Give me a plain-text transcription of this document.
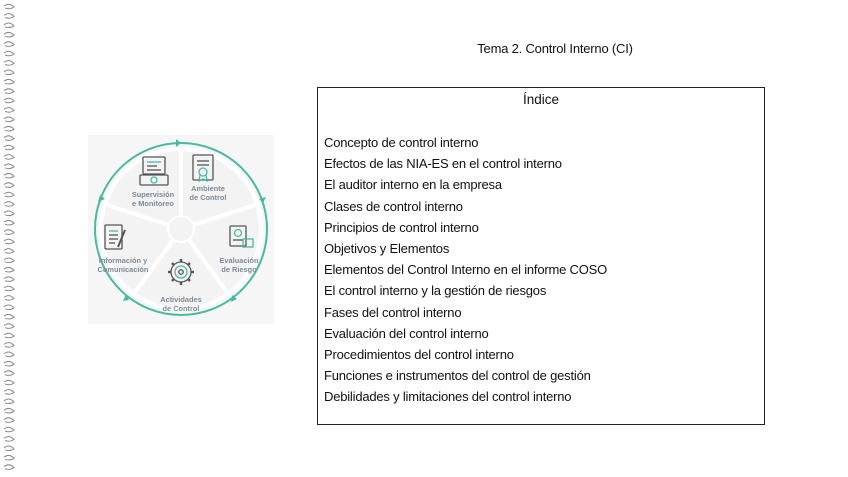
Tema 2. Control Interno (CI)
Ambiente
de Control
Evaluación
de Riesgo
Actividades
de Control
Información y
Comunicación
Supervisión
e Monitoreo
Índice
Concepto de control interno
Efectos de las NIA-ES en el control interno
El auditor interno en la empresa
Clases de control interno
Principios de control interno
Objetivos y Elementos
Elementos del Control Interno en el informe COSO
El control interno y la gestión de riesgos
Fases del control interno
Evaluación del control interno
Procedimientos del control interno
Funciones e instrumentos del control de gestión
Debilidades y limitaciones del control interno
